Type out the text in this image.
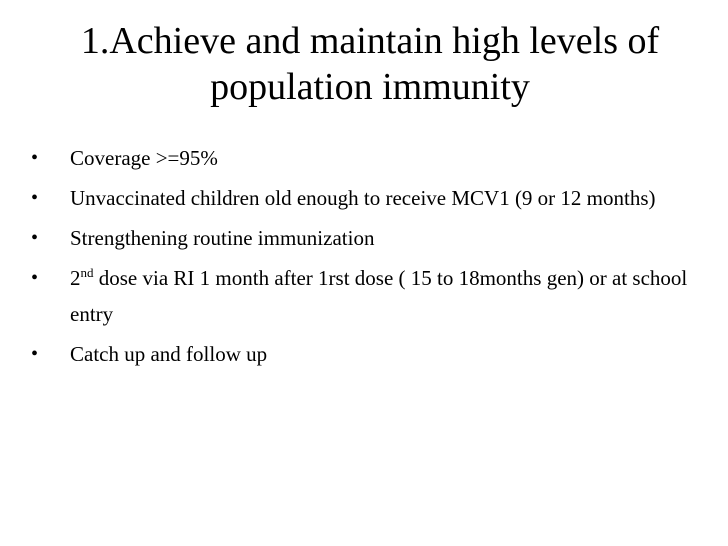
1.Achieve and maintain high levels of
population immunity
• Coverage >=95%
• Unvaccinated children old enough to receive MCV1 (9 or 12 months)
• Strengthening routine immunization
• 2nd dose via RI 1 month after 1rst dose ( 15 to 18months gen) or at school entry
• Catch up and follow up
